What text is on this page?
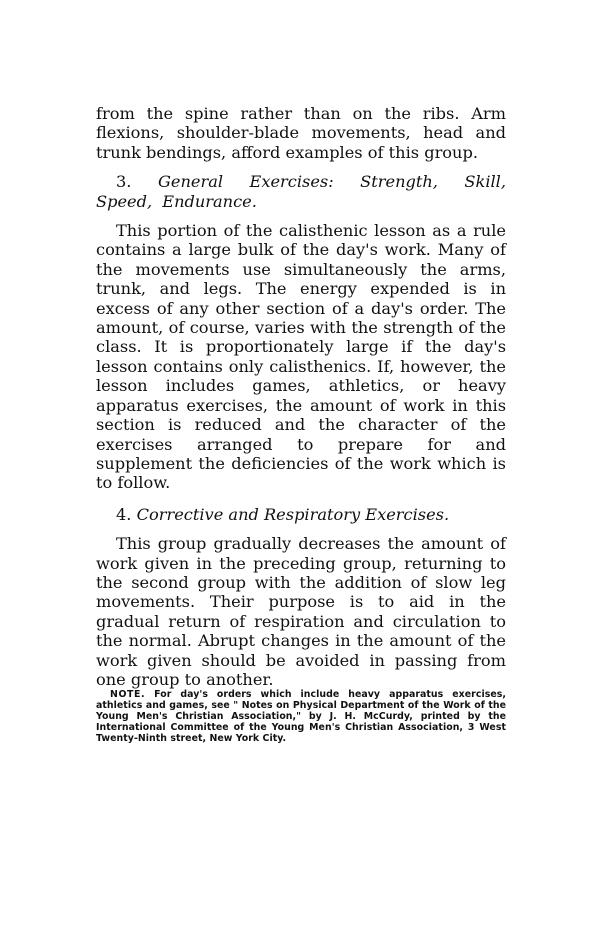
from the spine rather than on the ribs. Arm flexions, shoulder-blade movements, head and trunk bendings, afford examples of this group.

3. General Exercises: Strength, Skill, Speed, Endurance.

This portion of the calisthenic lesson as a rule contains a large bulk of the day's work. Many of the movements use simultaneously the arms, trunk, and legs. The energy expended is in excess of any other section of a day's order. The amount, of course, varies with the strength of the class. It is proportionately large if the day's lesson contains only calisthenics. If, however, the lesson includes games, athletics, or heavy apparatus exercises, the amount of work in this section is reduced and the character of the exercises arranged to prepare for and supplement the deficiencies of the work which is to follow.

4. Corrective and Respiratory Exercises.

This group gradually decreases the amount of work given in the preceding group, returning to the second group with the addition of slow leg movements. Their purpose is to aid in the gradual return of respiration and circulation to the normal. Abrupt changes in the amount of the work given should be avoided in passing from one group to another.

NOTE. For day's orders which include heavy apparatus exercises, athletics and games, see " Notes on Physical Department of the Work of the Young Men's Christian Association," by J. H. McCurdy, printed by the International Committee of the Young Men's Christian Association, 3 West Twenty-Ninth street, New York City.
